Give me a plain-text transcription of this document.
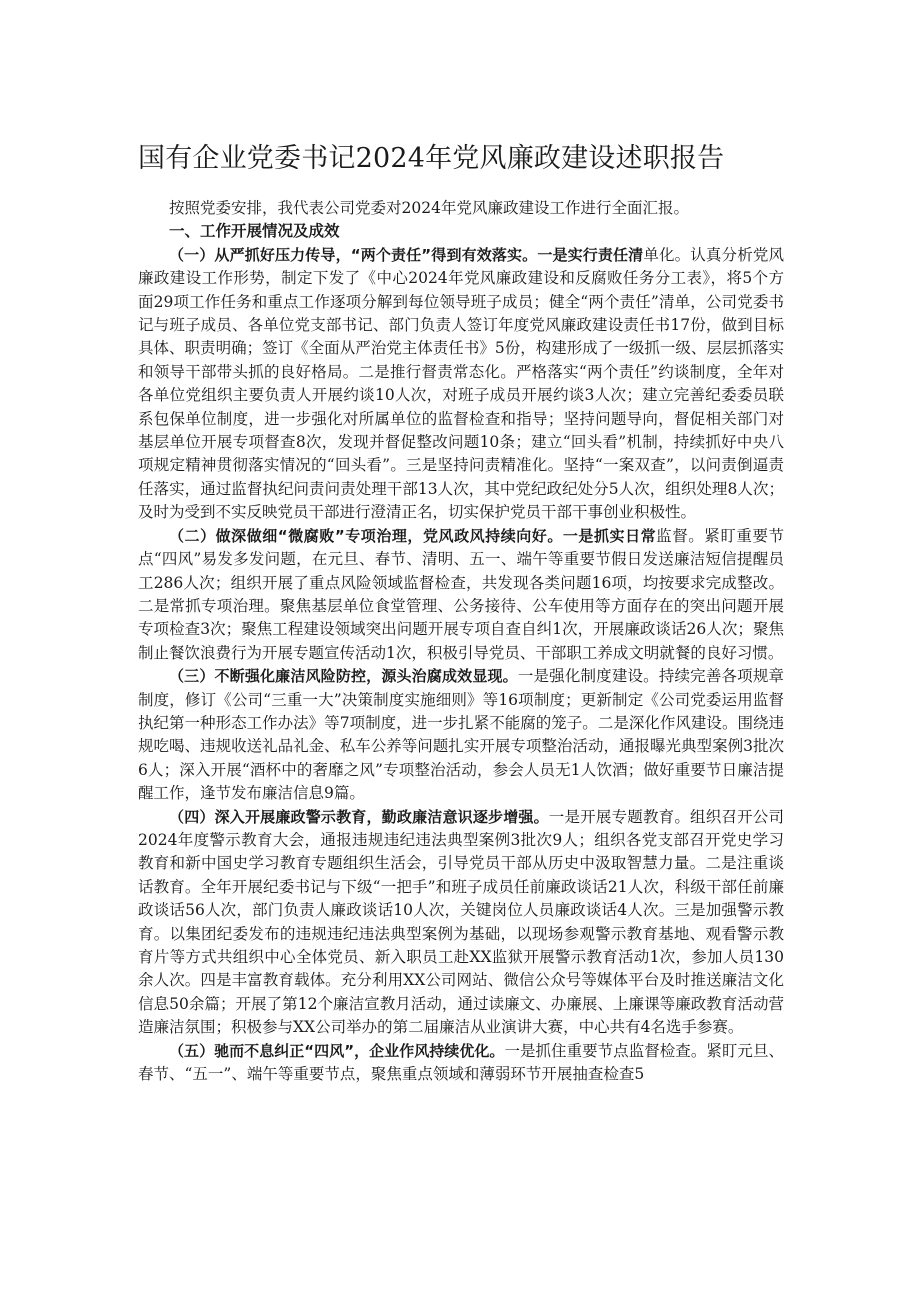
国有企业党委书记2024年党风廉政建设述职报告

按照党委安排，我代表公司党委对2024年党风廉政建设工作进行全面汇报。

一、工作开展情况及成效

（一）从严抓好压力传导，“两个责任”得到有效落实。一是实行责任清单化。认真分析党风廉政建设工作形势，制定下发了《中心2024年党风廉政建设和反腐败任务分工表》，将5个方面29项工作任务和重点工作逐项分解到每位领导班子成员；健全“两个责任”清单，公司党委书记与班子成员、各单位党支部书记、部门负责人签订年度党风廉政建设责任书17份，做到目标具体、职责明确；签订《全面从严治党主体责任书》5份，构建形成了一级抓一级、层层抓落实和领导干部带头抓的良好格局。二是推行督责常态化。严格落实“两个责任”约谈制度，全年对各单位党组织主要负责人开展约谈10人次，对班子成员开展约谈3人次；建立完善纪委委员联系包保单位制度，进一步强化对所属单位的监督检查和指导；坚持问题导向，督促相关部门对基层单位开展专项督查8次，发现并督促整改问题10条；建立“回头看”机制，持续抓好中央八项规定精神贯彻落实情况的“回头看”。三是坚持问责精准化。坚持“一案双查”，以问责倒逼责任落实，通过监督执纪问责问责处理干部13人次，其中党纪政纪处分5人次，组织处理8人次；及时为受到不实反映党员干部进行澄清正名，切实保护党员干部干事创业积极性。

（二）做深做细“微腐败”专项治理，党风政风持续向好。一是抓实日常监督。紧盯重要节点“四风”易发多发问题，在元旦、春节、清明、五一、端午等重要节假日发送廉洁短信提醒员工286人次；组织开展了重点风险领域监督检查，共发现各类问题16项，均按要求完成整改。二是常抓专项治理。聚焦基层单位食堂管理、公务接待、公车使用等方面存在的突出问题开展专项检查3次；聚焦工程建设领域突出问题开展专项自查自纠1次，开展廉政谈话26人次；聚焦制止餐饮浪费行为开展专题宣传活动1次，积极引导党员、干部职工养成文明就餐的良好习惯。

（三）不断强化廉洁风险防控，源头治腐成效显现。一是强化制度建设。持续完善各项规章制度，修订《公司“三重一大”决策制度实施细则》等16项制度；更新制定《公司党委运用监督执纪第一种形态工作办法》等7项制度，进一步扎紧不能腐的笼子。二是深化作风建设。围绕违规吃喝、违规收送礼品礼金、私车公养等问题扎实开展专项整治活动，通报曝光典型案例3批次6人；深入开展“酒杯中的奢靡之风”专项整治活动，参会人员无1人饮酒；做好重要节日廉洁提醒工作，逢节发布廉洁信息9篇。

（四）深入开展廉政警示教育，勤政廉洁意识逐步增强。一是开展专题教育。组织召开公司2024年度警示教育大会，通报违规违纪违法典型案例3批次9人；组织各党支部召开党史学习教育和新中国史学习教育专题组织生活会，引导党员干部从历史中汲取智慧力量。二是注重谈话教育。全年开展纪委书记与下级“一把手”和班子成员任前廉政谈话21人次，科级干部任前廉政谈话56人次，部门负责人廉政谈话10人次，关键岗位人员廉政谈话4人次。三是加强警示教育。以集团纪委发布的违规违纪违法典型案例为基础，以现场参观警示教育基地、观看警示教育片等方式共组织中心全体党员、新入职员工赴XX监狱开展警示教育活动1次，参加人员130余人次。四是丰富教育载体。充分利用XX公司网站、微信公众号等媒体平台及时推送廉洁文化信息50余篇；开展了第12个廉洁宣教月活动，通过读廉文、办廉展、上廉课等廉政教育活动营造廉洁氛围；积极参与XX公司举办的第二届廉洁从业演讲大赛，中心共有4名选手参赛。

（五）驰而不息纠正“四风”，企业作风持续优化。一是抓住重要节点监督检查。紧盯元旦、春节、“五一”、端午等重要节点，聚焦重点领域和薄弱环节开展抽查检查5
